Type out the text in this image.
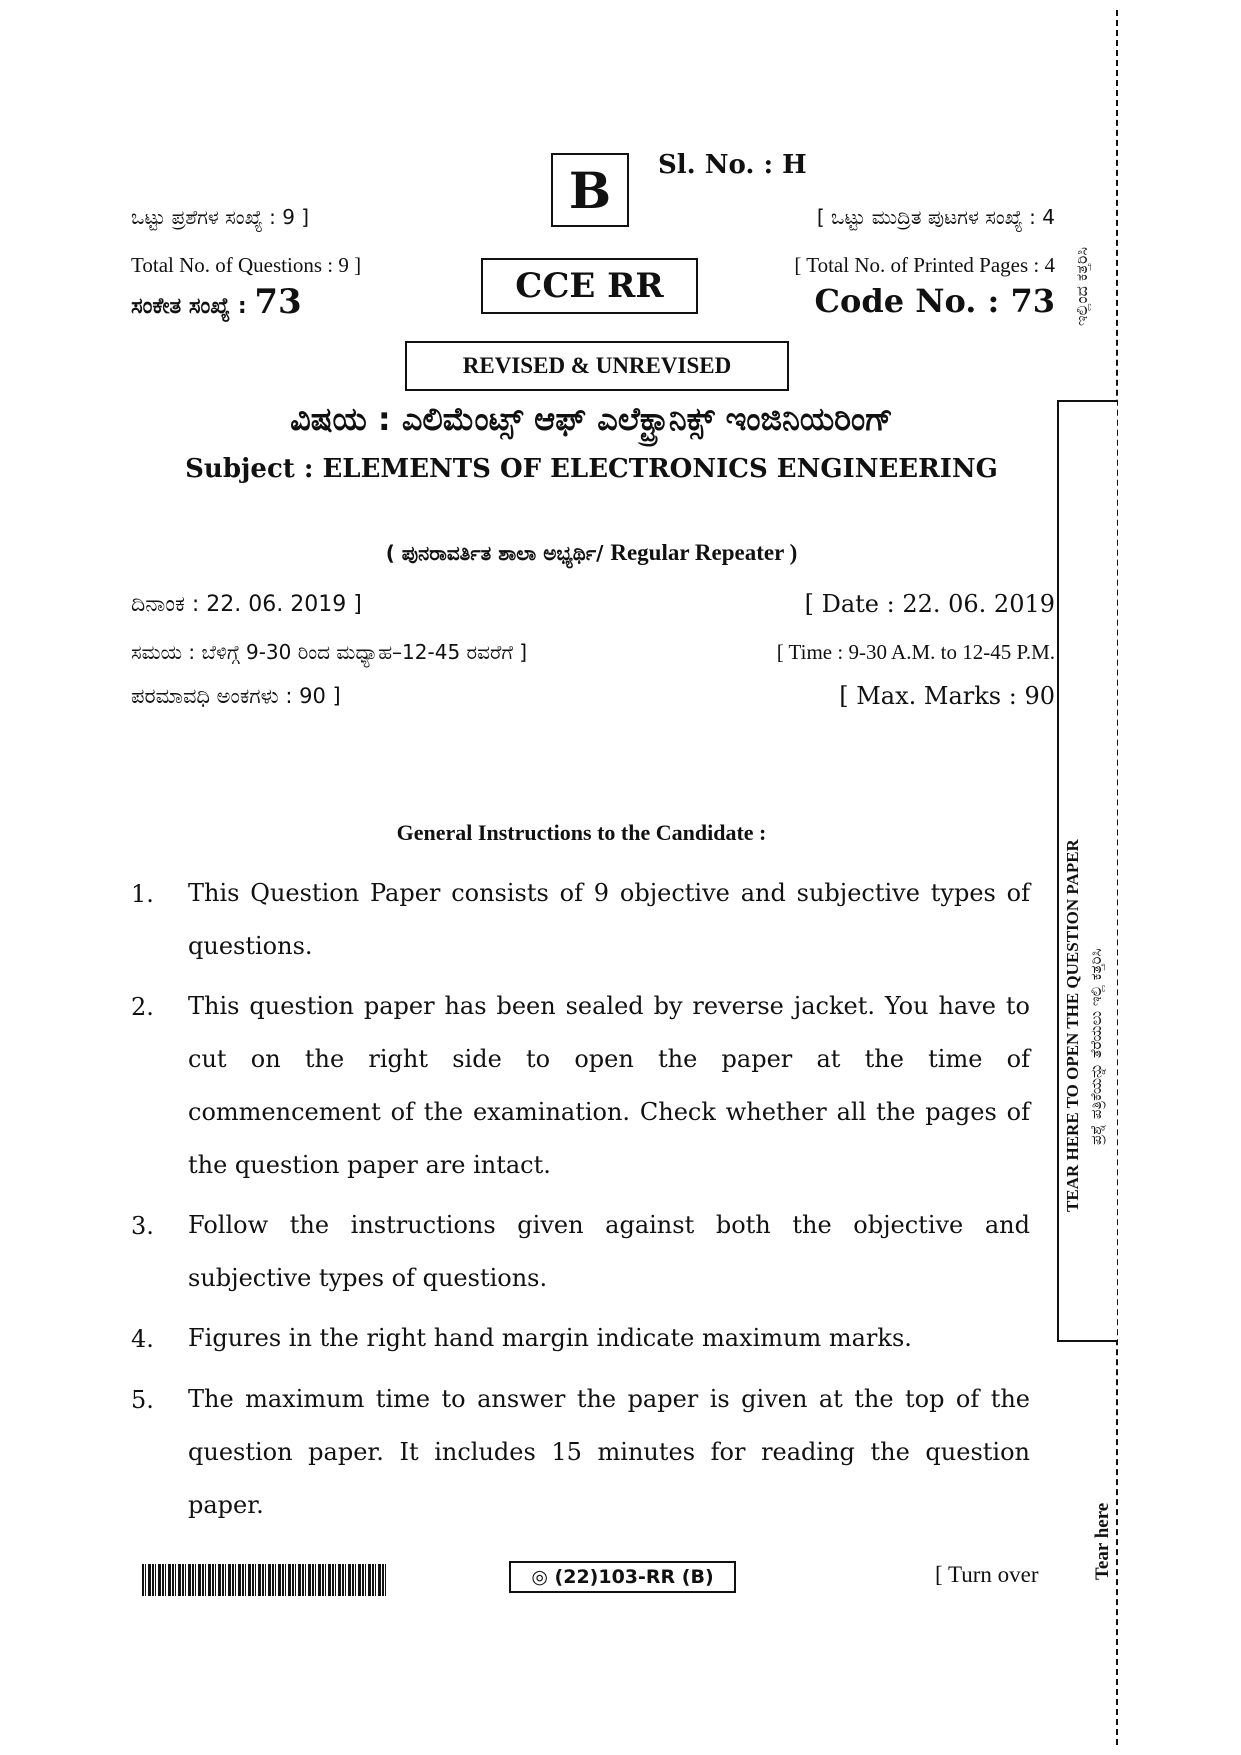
B Sl. No. : H
ಒಟ್ಟು ಪ್ರಶೆಗಳ ಸಂಖ್ಯೆ : 9 ]	[ ಒಟ್ಟು ಮುದ್ರಿತ ಪುಟಗಳ ಸಂಖ್ಯೆ : 4
Total No. of Questions : 9 ]	[ Total No. of Printed Pages : 4
CCE RR
ಸಂಕೇತ ಸಂಖ್ಯೆ : 73	Code No. : 73
REVISED & UNREVISED
ವಿಷಯ : ಎಲಿಮೆಂಟ್ಸ್ ಆಫ್ ಎಲೆಕ್ಟ್ರಾನಿಕ್ಸ್ ಇಂಜಿನಿಯರಿಂಗ್
Subject : ELEMENTS OF ELECTRONICS ENGINEERING
( ಪುನರಾವರ್ತಿತ ಶಾಲಾ ಅಭ್ಯರ್ಥಿ/ Regular Repeater )
ದಿನಾಂಕ : 22. 06. 2019 ]	[ Date : 22. 06. 2019
ಸಮಯ : ಬೆಳಿಗ್ಗೆ 9-30 ರಿಂದ ಮಧ್ಯಾಹ–12-45 ರವರೆಗೆ ]	[ Time : 9-30 A.M. to 12-45 P.M.
ಪರಮಾವಧಿ ಅಂಕಗಳು : 90 ]	[ Max. Marks : 90
General Instructions to the Candidate :
1. This Question Paper consists of 9 objective and subjective types of questions.
2. This question paper has been sealed by reverse jacket. You have to cut on the right side to open the paper at the time of commencement of the examination. Check whether all the pages of the question paper are intact.
3. Follow the instructions given against both the objective and subjective types of questions.
4. Figures in the right hand margin indicate maximum marks.
5. The maximum time to answer the paper is given at the top of the question paper. It includes 15 minutes for reading the question paper.
◎ (22)103-RR (B)	[ Turn over
ಇಲ್ಲಿಂದ ಕತ್ತರಿಸಿ
TEAR HERE TO OPEN THE QUESTION PAPER ಪ್ರಶ್ನೆ ಪತ್ರಿಕೆಯನ್ನು ತೆರೆಯಲು ಇಲ್ಲಿ ಕತ್ತರಿಸಿ
Tear here
